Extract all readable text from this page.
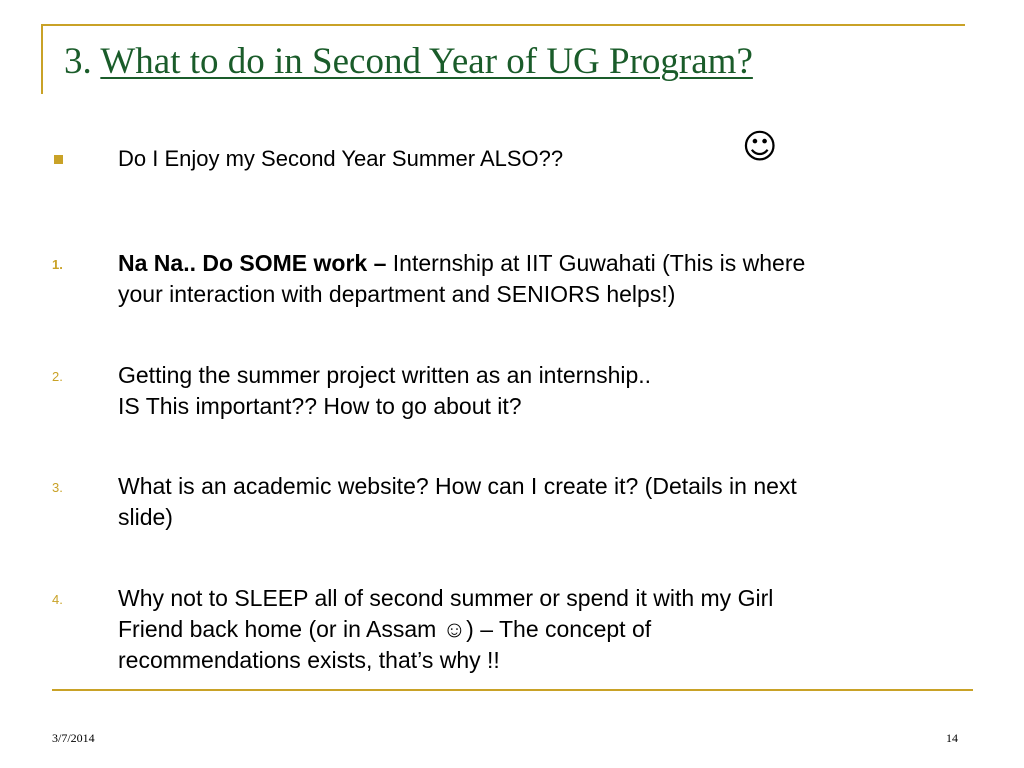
3. What to do in Second Year of UG Program?
Do I Enjoy my Second Year Summer ALSO??	☺
1. Na Na.. Do SOME work – Internship at IIT Guwahati (This is where
your interaction with department and SENIORS helps!)
2. Getting the summer project written as an internship..
IS This important?? How to go about it?
3. What is an academic website? How can I create it? (Details in next
slide)
4. Why not to SLEEP all of second summer or spend it with my Girl
Friend back home (or in Assam ☺) – The concept of
recommendations exists, that’s why !!
3/7/2014	14
